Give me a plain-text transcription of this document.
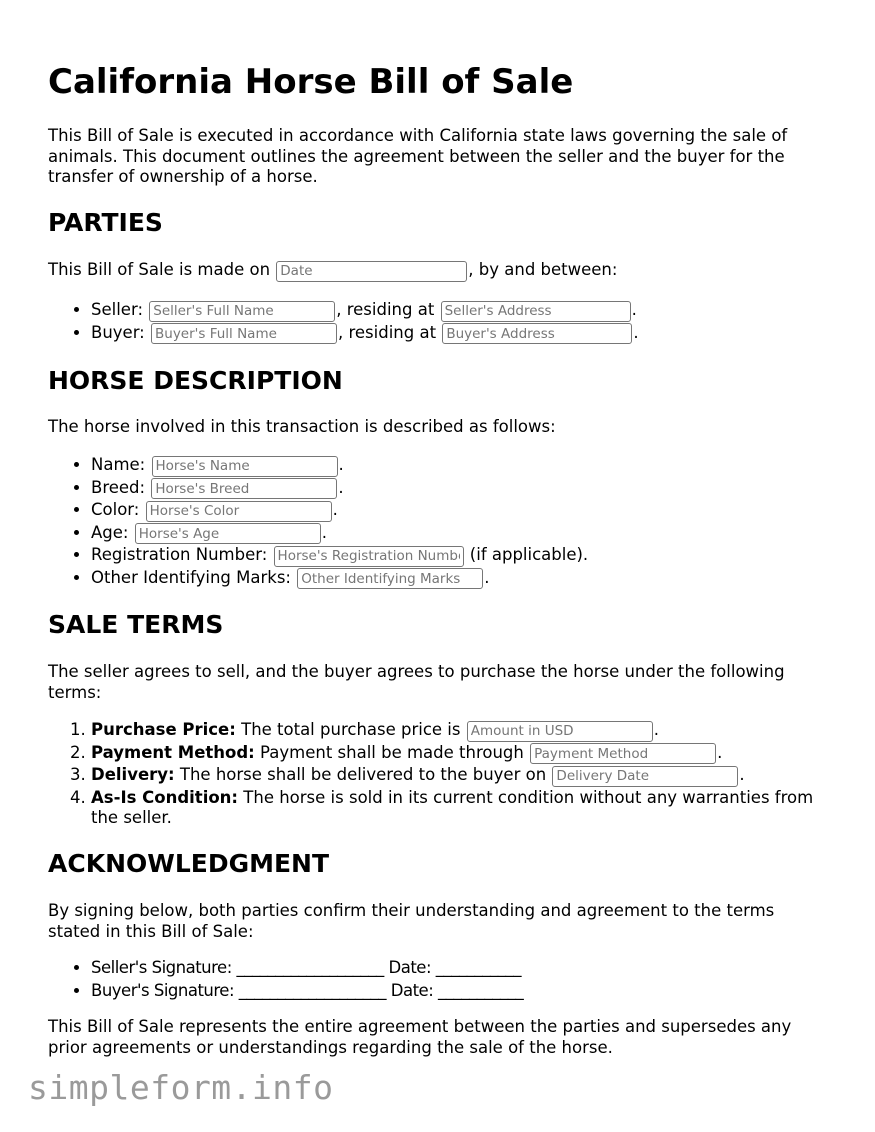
California Horse Bill of Sale

This Bill of Sale is executed in accordance with California state laws governing the sale of animals. This document outlines the agreement between the seller and the buyer for the transfer of ownership of a horse.

PARTIES

This Bill of Sale is made on Date	, by and between:

• Seller: Seller's Full Name	, residing at Seller's Address	.
• Buyer: Buyer's Full Name	, residing at Buyer's Address	.
HORSE DESCRIPTION

The horse involved in this transaction is described as follows:

• Name: Horse's Name	.
• Breed: Horse's Breed	.
• Color: Horse's Color	.
• Age: Horse's Age	.
• Registration Number: Horse's Registration Number	(if applicable).
• Other Identifying Marks: Other Identifying Marks	.
SALE TERMS

The seller agrees to sell, and the buyer agrees to purchase the horse under the following terms:

1. Purchase Price: The total purchase price is Amount in USD	.
2. Payment Method: Payment shall be made through Payment Method	.
3. Delivery: The horse shall be delivered to the buyer on Delivery Date	.
4. As-Is Condition: The horse is sold in its current condition without any warranties from the seller.
ACKNOWLEDGMENT

By signing below, both parties confirm their understanding and agreement to the terms stated in this Bill of Sale:

• Seller's Signature: ___________________ Date: ___________
• Buyer's Signature: ___________________ Date: ___________

This Bill of Sale represents the entire agreement between the parties and supersedes any prior agreements or understandings regarding the sale of the horse.

simpleform.info
